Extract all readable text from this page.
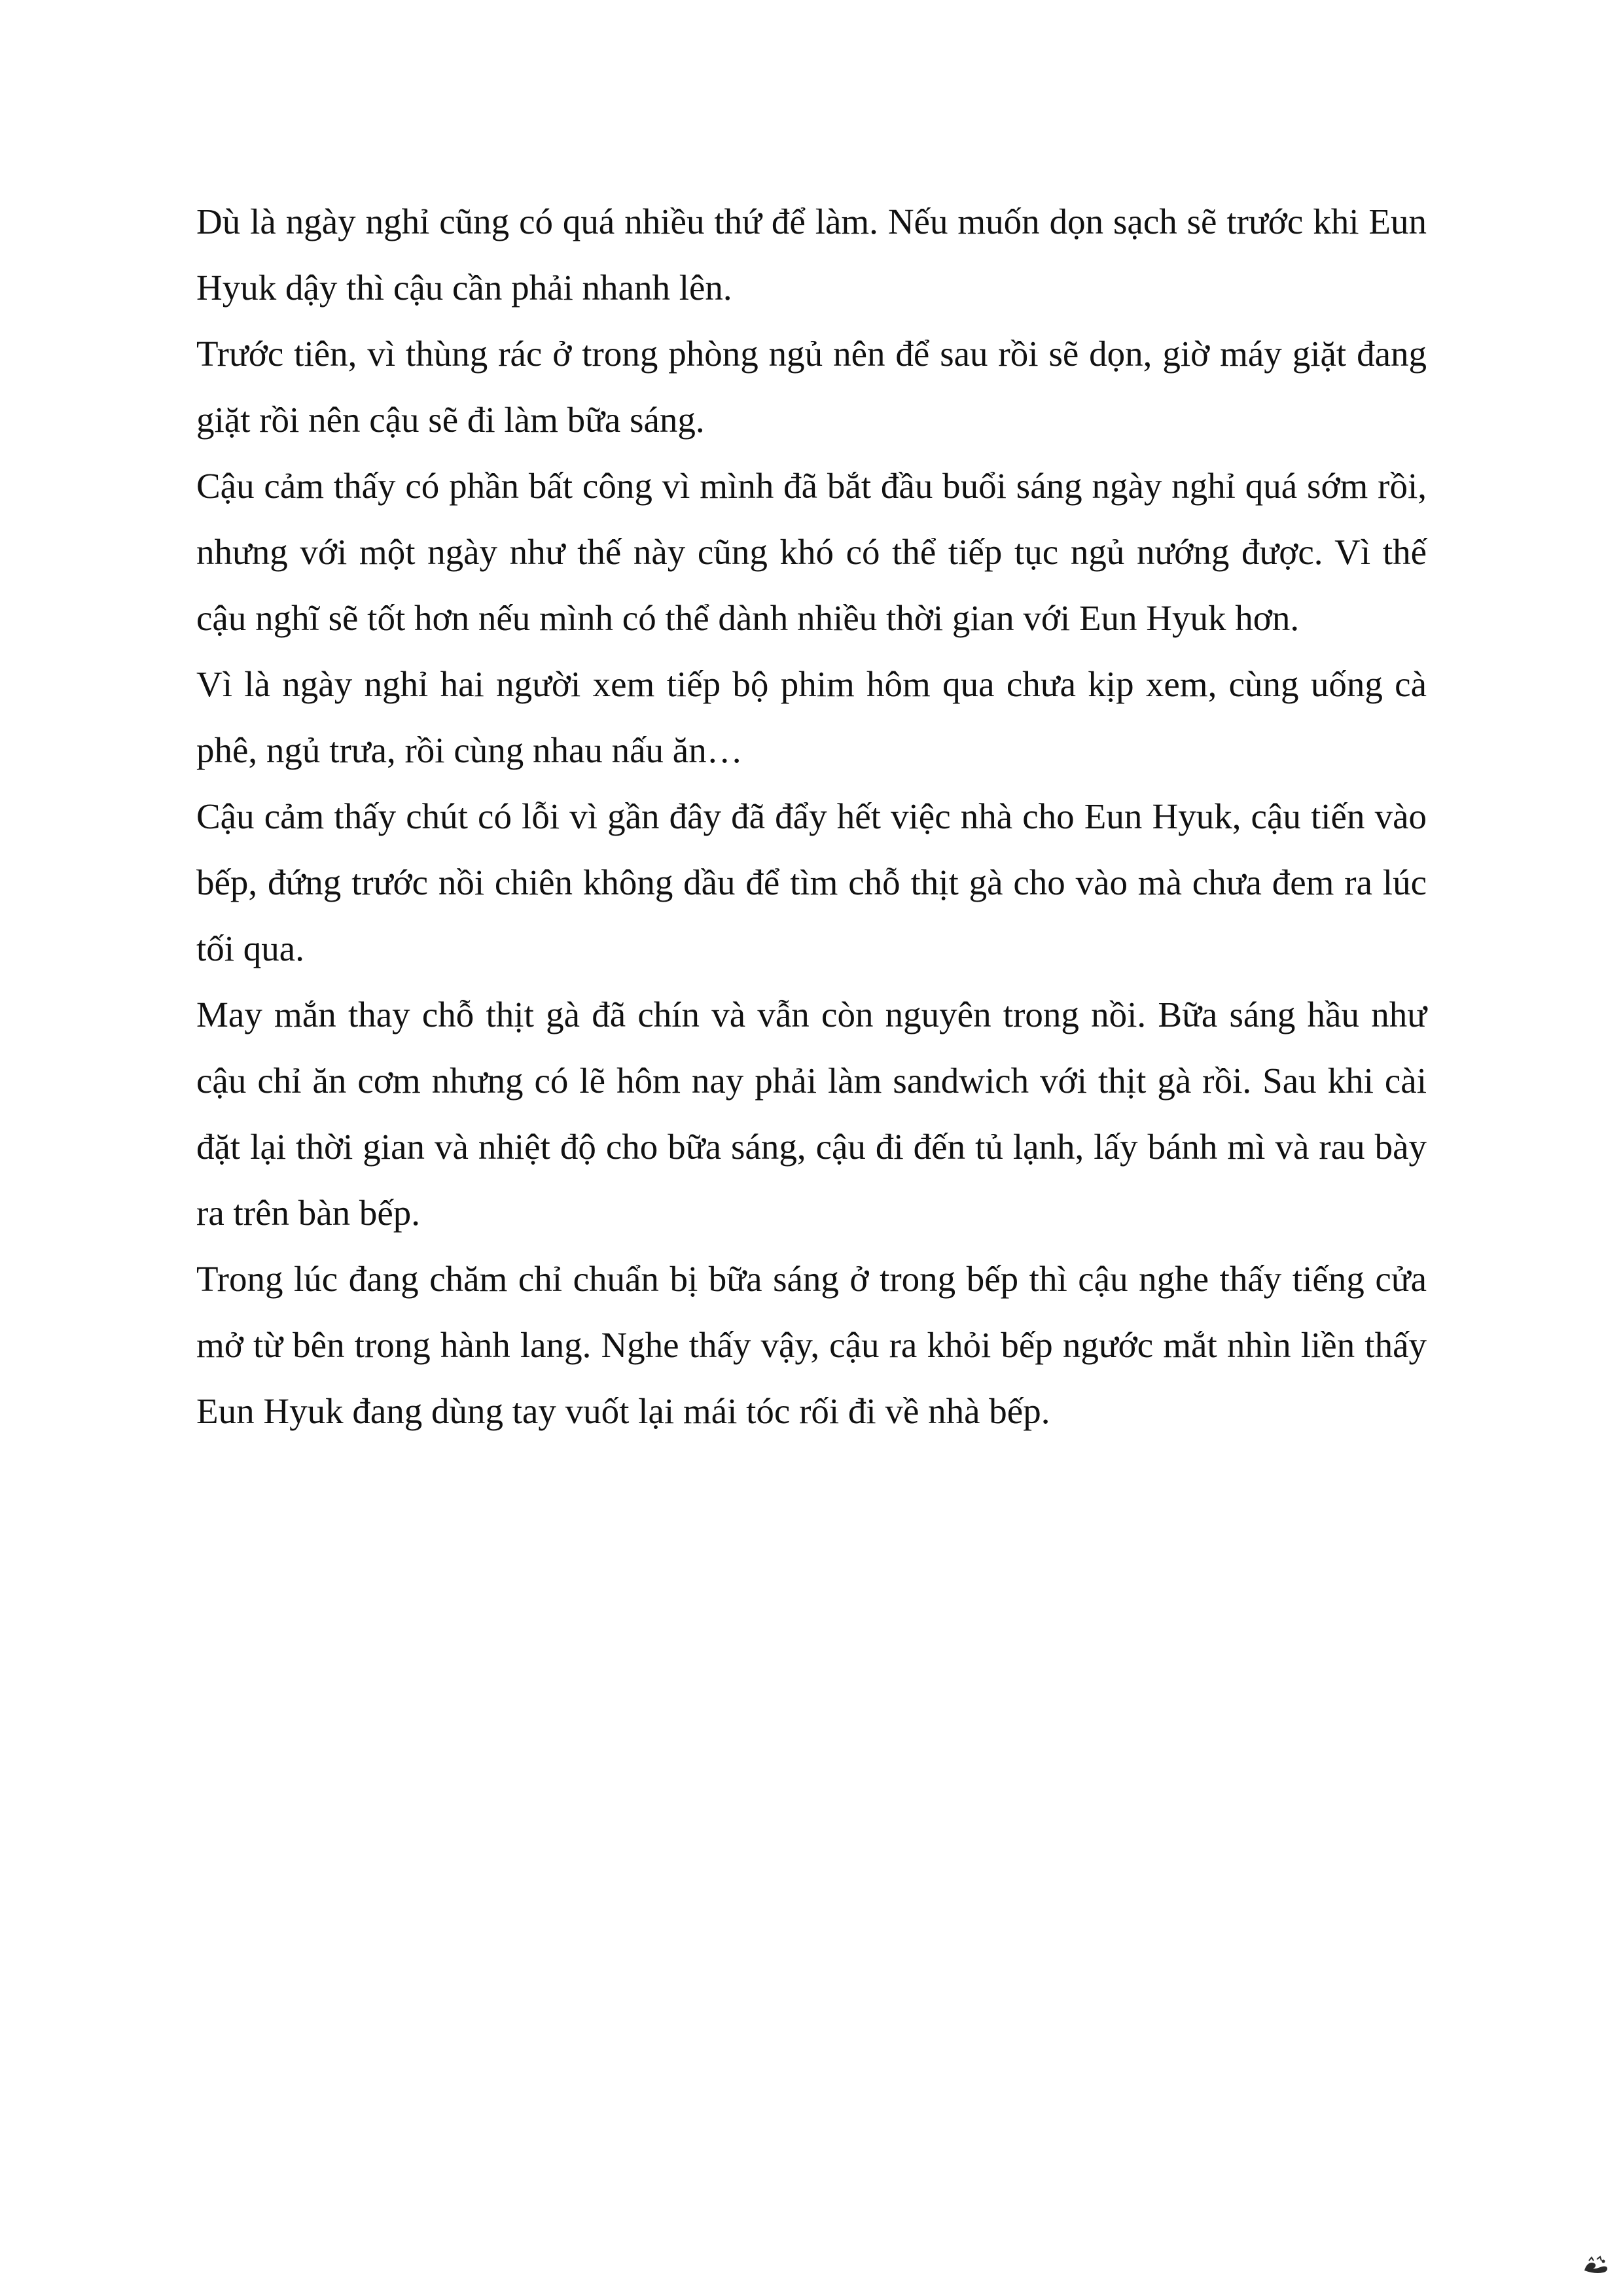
Dù là ngày nghỉ cũng có quá nhiều thứ để làm. Nếu muốn dọn sạch sẽ trước khi Eun Hyuk dậy thì cậu cần phải nhanh lên.

Trước tiên, vì thùng rác ở trong phòng ngủ nên để sau rồi sẽ dọn, giờ máy giặt đang giặt rồi nên cậu sẽ đi làm bữa sáng.

Cậu cảm thấy có phần bất công vì mình đã bắt đầu buổi sáng ngày nghỉ quá sớm rồi, nhưng với một ngày như thế này cũng khó có thể tiếp tục ngủ nướng được. Vì thế cậu nghĩ sẽ tốt hơn nếu mình có thể dành nhiều thời gian với Eun Hyuk hơn.

Vì là ngày nghỉ hai người xem tiếp bộ phim hôm qua chưa kịp xem, cùng uống cà phê, ngủ trưa, rồi cùng nhau nấu ăn…

Cậu cảm thấy chút có lỗi vì gần đây đã đẩy hết việc nhà cho Eun Hyuk, cậu tiến vào bếp, đứng trước nồi chiên không dầu để tìm chỗ thịt gà cho vào mà chưa đem ra lúc tối qua.

May mắn thay chỗ thịt gà đã chín và vẫn còn nguyên trong nồi. Bữa sáng hầu như cậu chỉ ăn cơm nhưng có lẽ hôm nay phải làm sandwich với thịt gà rồi. Sau khi cài đặt lại thời gian và nhiệt độ cho bữa sáng, cậu đi đến tủ lạnh, lấy bánh mì và rau bày ra trên bàn bếp.

Trong lúc đang chăm chỉ chuẩn bị bữa sáng ở trong bếp thì cậu nghe thấy tiếng cửa mở từ bên trong hành lang. Nghe thấy vậy, cậu ra khỏi bếp ngước mắt nhìn liền thấy Eun Hyuk đang dùng tay vuốt lại mái tóc rối đi về nhà bếp.
